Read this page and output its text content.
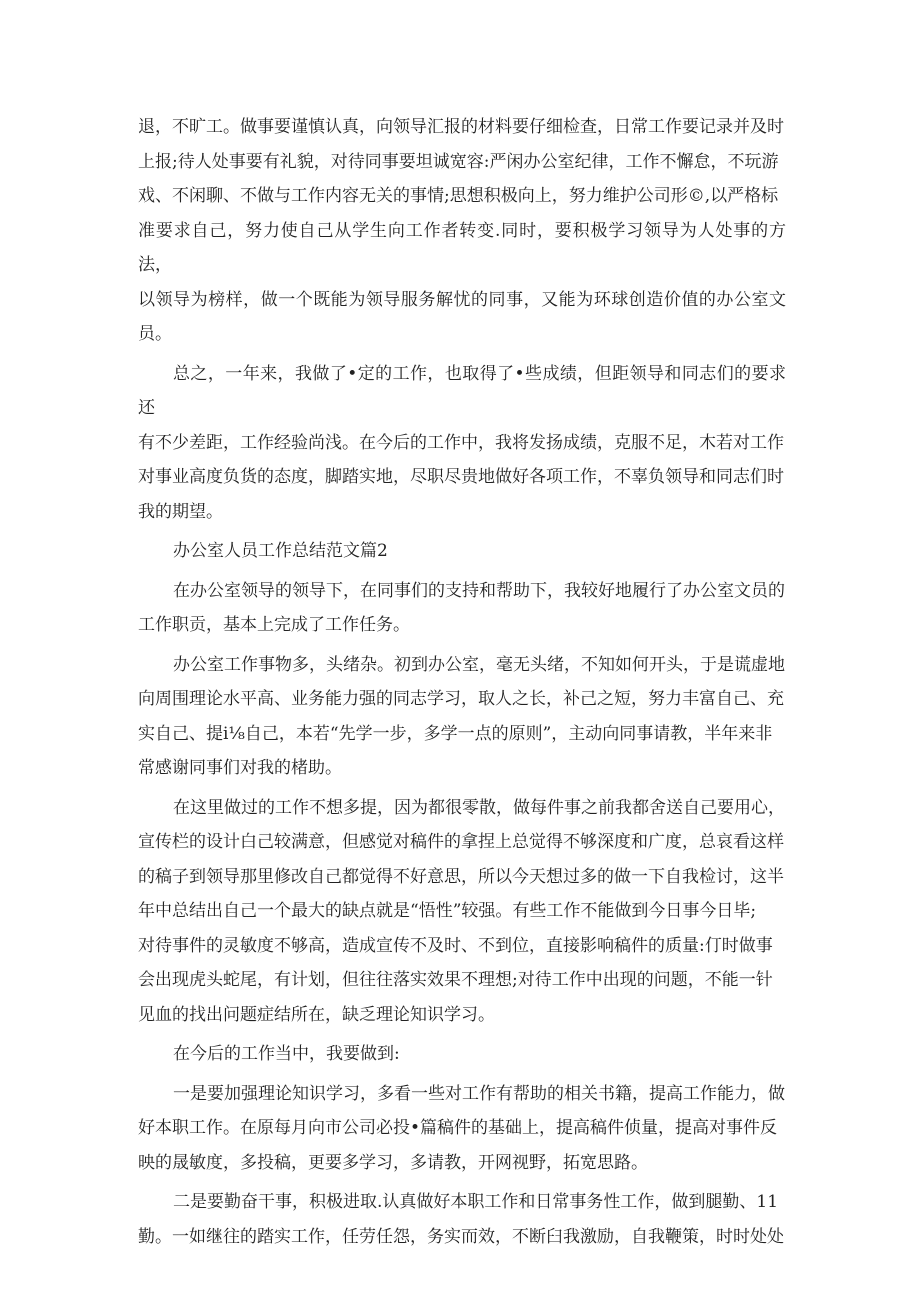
退，不旷工。做事要谨慎认真，向领导汇报的材料要仔细检查，日常工作要记录并及时
上报;待人处事要有礼貌，对待同事要坦诚宽容:严闲办公室纪律，工作不懈怠，不玩游
戏、不闲聊、不做与工作内容无关的事情;思想积极向上，努力维护公司形©,以严格标
准要求自己，努力使自己从学生向工作者转变.同时，要积极学习领导为人处事的方法，
以领导为榜样，做一个既能为领导服务解忧的同事，又能为环球创造价值的办公室文员。

总之，一年来，我做了•定的工作，也取得了•些成绩，但距领导和同志们的要求还
有不少差距，工作经验尚浅。在今后的工作中，我将发扬成绩，克服不足，木若对工作
对事业高度负货的态度，脚踏实地，尽职尽贵地做好各项工作，不辜负领导和同志们时
我的期望。

办公室人员工作总结范文篇2

在办公室领导的领导下，在同事们的支持和帮助下，我较好地履行了办公室文员的
工作职贡，基本上完成了工作任务。

办公室工作事物多，头绪杂。初到办公室，毫无头绪，不知如何开头，于是谎虚地
向周围理论水平高、业务能力强的同志学习，取人之长，补己之短，努力丰富自己、充
实自己、提i⅛自己，本若“先学一步，多学一点的原则”，主动向同事请教，半年来非
常感谢同事们对我的楮助。

在这里做过的工作不想多提，因为都很零散，做每件事之前我都舍送自己要用心，
宣传栏的设计白己较满意，但感觉对稿件的拿捏上总觉得不够深度和广度，总哀看这样
的稿子到领导那里修改自己都觉得不好意思，所以今天想过多的做一下自我检讨，这半
年中总结出自己一个最大的缺点就是“悟性”较强。有些工作不能做到今日事今日毕;
对待事件的灵敏度不够高，造成宣传不及时、不到位，直接影响稿件的质量:仃时做事
会出现虎头蛇尾，有计划，但往往落实效果不理想;对待工作中出现的问题，不能一针
见血的找出问题症结所在，缺乏理论知识学习。

在今后的工作当中，我要做到:

一是要加强理论知识学习，多看一些对工作有帮助的相关书籍，提高工作能力，做
好本职工作。在原每月向市公司必投•篇稿件的基础上，提高稿件侦量，提高对事件反
映的晟敏度，多投稿，更要多学习，多请教，开网视野，拓宽思路。

二是要勤奋干事，积极进取.认真做好本职工作和日常事务性工作，做到腿勤、11
勤。一如继往的踏实工作，任劳任怨，务实而效，不断臼我激励，自我鞭策，时时处处
